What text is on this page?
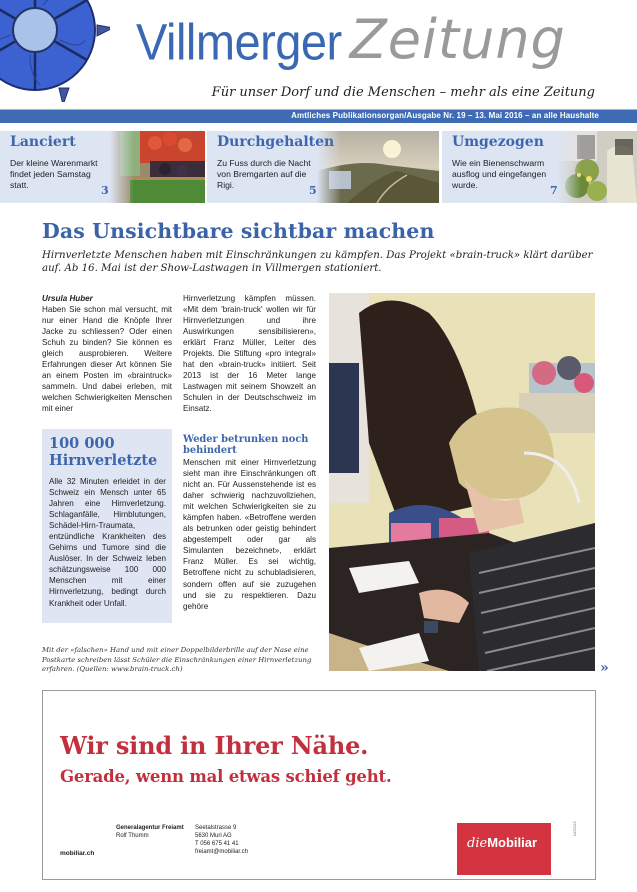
Villmerger Zeitung
Für unser Dorf und die Menschen – mehr als eine Zeitung
Amtliches Publikationsorgan/Ausgabe Nr. 19 – 13. Mai 2016 – an alle Haushalte
Lanciert
Der kleine Warenmarkt findet jeden Samstag statt.	3
Durchgehalten
Zu Fuss durch die Nacht von Bremgarten auf die Rigi.	5
Umgezogen
Wie ein Bienenschwarm ausflog und eingefangen wurde.	7
Das Unsichtbare sichtbar machen

Hirnverletzte Menschen haben mit Einschränkungen zu kämpfen. Das Projekt «brain-truck» klärt darüber auf. Ab 16. Mai ist der Show-Lastwagen in Villmergen stationiert.

Ursula Huber

Haben Sie schon mal versucht, mit nur einer Hand die Knöpfe Ihrer Jacke zu schliessen? Oder einen Schuh zu binden? Sie können es gleich ausprobieren. Weitere Erfahrungen dieser Art können Sie an einem Posten im «braintruck» sammeln. Und dabei erleben, mit welchen Schwierigkeiten Menschen mit einer

100 000
Hirnverletzte

Alle 32 Minuten erleidet in der Schweiz ein Mensch unter 65 Jahren eine Hirnverletzung. Schlaganfälle, Hirnblutungen, Schädel-Hirn-Traumata, entzündliche Krankheiten des Gehirns und Tumore sind die Auslöser. In der Schweiz leben schätzungsweise 100 000 Menschen mit einer Hirnverletzung, bedingt durch Krankheit oder Unfall.

Hirnverletzung kämpfen müssen. «Mit dem 'brain-truck' wollen wir für Hirnverletzungen und ihre Auswirkungen sensibilisieren», erklärt Franz Müller, Leiter des Projekts. Die Stiftung «pro integral» hat den «brain-truck» initiiert. Seit 2013 ist der 16 Meter lange Lastwagen mit seinem Showzelt an Schulen in der Deutschschweiz im Einsatz.

Weder betrunken noch behindert

Menschen mit einer Hirnverletzung sieht man ihre Einschränkungen oft nicht an. Für Aussenstehende ist es daher schwierig nachzuvollziehen, mit welchen Schwierigkeiten sie zu kämpfen haben. «Betroffene werden als betrunken oder geistig behindert abgestempelt oder gar als Simulanten bezeichnet», erklärt Franz Müller. Es sei wichtig, Betroffene nicht zu schubladisieren, sondern offen auf sie zuzugehen und sie zu respektieren. Dazu gehöre

»

Mit der «falschen» Hand und mit einer Doppelbilderbrille auf der Nase eine Postkarte schreiben lässt Schüler die Einschränkungen einer Hirnverletzung erfahren. (Quellen: www.brain-truck.ch)

Wir sind in Ihrer Nähe.
Gerade, wenn mal etwas schief geht.
Generalagentur Freiamt
Rolf Thumm
Seetalstrasse 9
5630 Muri AG
T 056 675 41 41
freiamt@mobiliar.ch
mobiliar.ch
dieMobiliar
NZZ0416
